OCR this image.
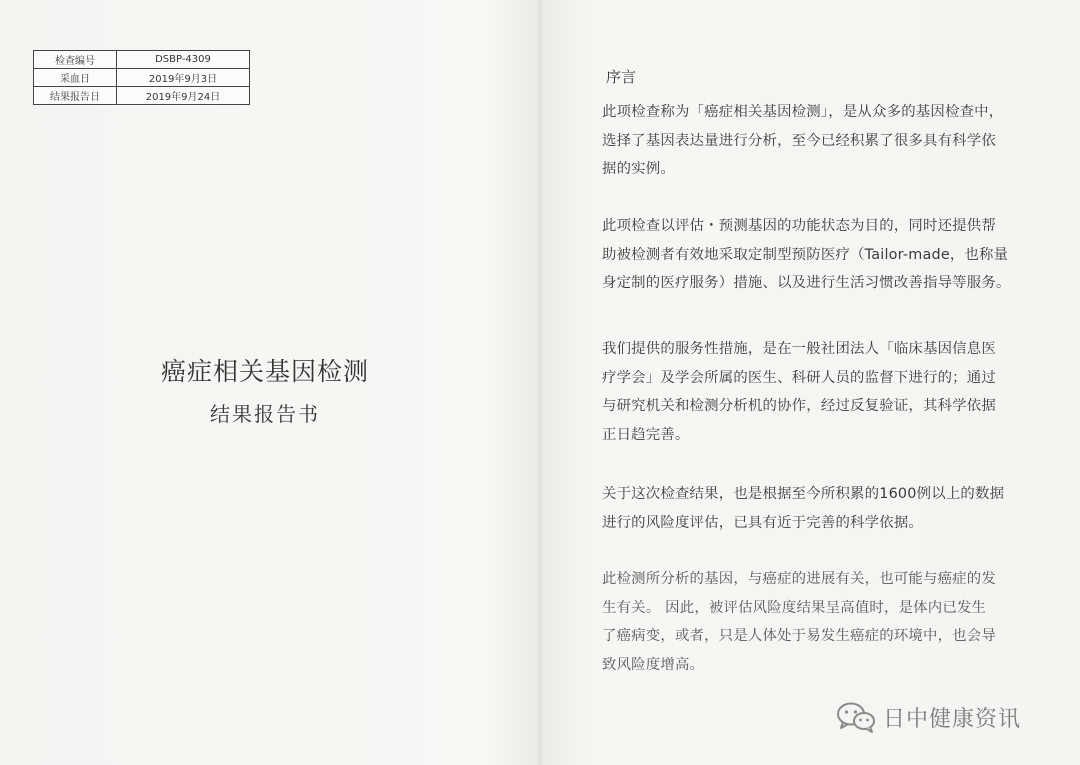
检查编号	DSBP-4309
采血日	2019年9月3日
结果报告日	2019年9月24日
癌症相关基因检测
结果报告书
序言
此项检查称为「癌症相关基因检测」，是从众多的基因检查中，
选择了基因表达量进行分析，至今已经积累了很多具有科学依
据的实例。
此项检查以评估・预测基因的功能状态为目的，同时还提供帮
助被检测者有效地采取定制型预防医疗（Tailor-made，也称量
身定制的医疗服务）措施、以及进行生活习惯改善指导等服务。
我们提供的服务性措施，是在一般社团法人「临床基因信息医
疗学会」及学会所属的医生、科研人员的监督下进行的；通过
与研究机关和检测分析机的协作，经过反复验证，其科学依据
正日趋完善。
关于这次检查结果，也是根据至今所积累的1600例以上的数据
进行的风险度评估，已具有近于完善的科学依据。
此检测所分析的基因，与癌症的进展有关，也可能与癌症的发
生有关。 因此，被评估风险度结果呈高值时，是体内已发生
了癌病变，或者，只是人体处于易发生癌症的环境中，也会导
致风险度增高。
日中健康资讯
